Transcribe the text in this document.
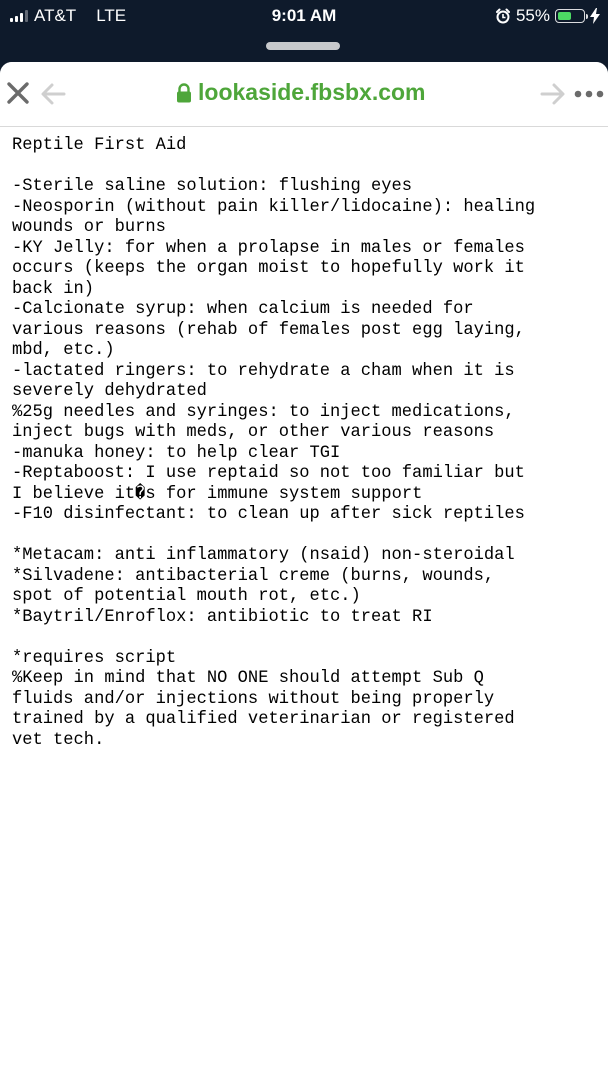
AT&T LTE	9:01 AM	55%
lookaside.fbsbx.com
Reptile First Aid
-Sterile saline solution: flushing eyes
-Neosporin (without pain killer/lidocaine): healing
wounds or burns
-KY Jelly: for when a prolapse in males or females
occurs (keeps the organ moist to hopefully work it
back in)
-Calcionate syrup: when calcium is needed for
various reasons (rehab of females post egg laying,
mbd, etc.)
-lactated ringers: to rehydrate a cham when it is
severely dehydrated
%25g needles and syringes: to inject medications,
inject bugs with meds, or other various reasons
-manuka honey: to help clear TGI
-Reptaboost: I use reptaid so not too familiar but
I believe it�s for immune system support
-F10 disinfectant: to clean up after sick reptiles
*Metacam: anti inflammatory (nsaid) non-steroidal
*Silvadene: antibacterial creme (burns, wounds,
spot of potential mouth rot, etc.)
*Baytril/Enroflox: antibiotic to treat RI
*requires script
%Keep in mind that NO ONE should attempt Sub Q
fluids and/or injections without being properly
trained by a qualified veterinarian or registered
vet tech.
